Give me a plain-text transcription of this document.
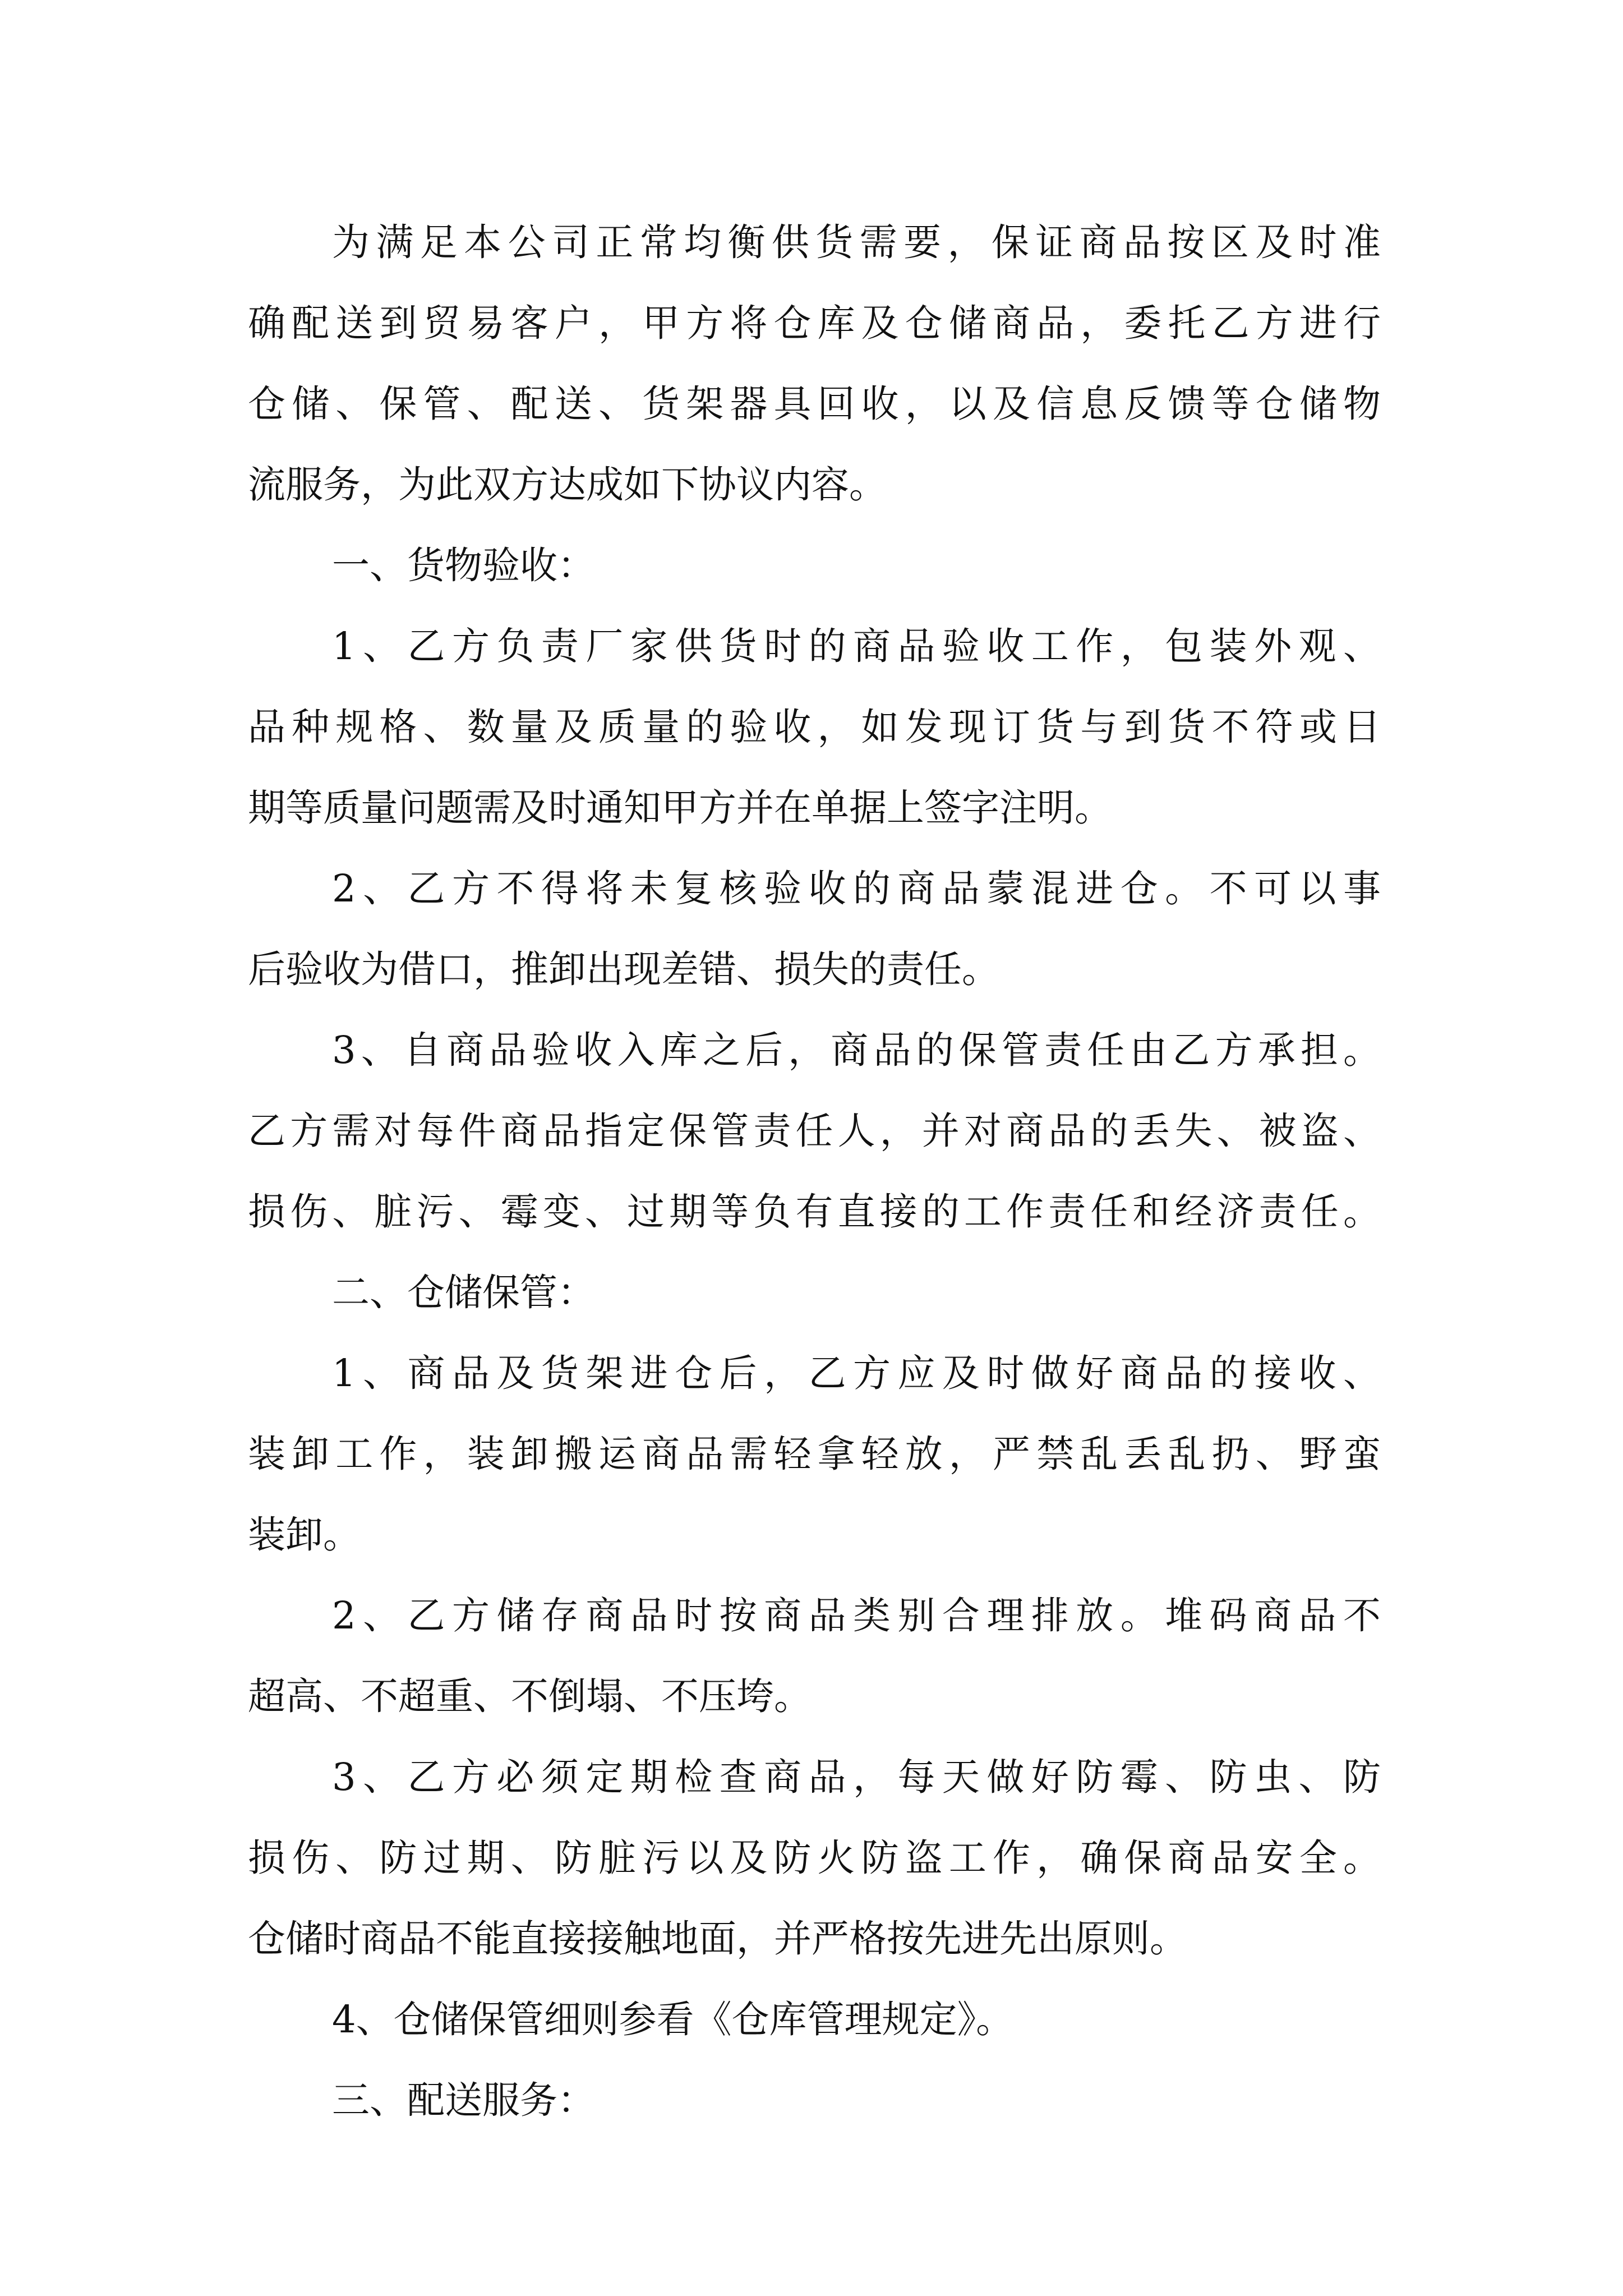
为满足本公司正常均衡供货需要，保证商品按区及时准
确配送到贸易客户，甲方将仓库及仓储商品，委托乙方进行
仓储、保管、配送、货架器具回收，以及信息反馈等仓储物
流服务，为此双方达成如下协议内容。
一、货物验收：
1、乙方负责厂家供货时的商品验收工作，包装外观、
品种规格、数量及质量的验收，如发现订货与到货不符或日
期等质量问题需及时通知甲方并在单据上签字注明。
2、乙方不得将未复核验收的商品蒙混进仓。不可以事
后验收为借口，推卸出现差错、损失的责任。
3、自商品验收入库之后，商品的保管责任由乙方承担。
乙方需对每件商品指定保管责任人，并对商品的丢失、被盗、
损伤、脏污、霉变、过期等负有直接的工作责任和经济责任。
二、仓储保管：
1、商品及货架进仓后，乙方应及时做好商品的接收、
装卸工作，装卸搬运商品需轻拿轻放，严禁乱丢乱扔、野蛮
装卸。
2、乙方储存商品时按商品类别合理排放。堆码商品不
超高、不超重、不倒塌、不压垮。
3、乙方必须定期检查商品，每天做好防霉、防虫、防
损伤、防过期、防脏污以及防火防盗工作，确保商品安全。
仓储时商品不能直接接触地面，并严格按先进先出原则。
4、仓储保管细则参看《仓库管理规定》。
三、配送服务：
